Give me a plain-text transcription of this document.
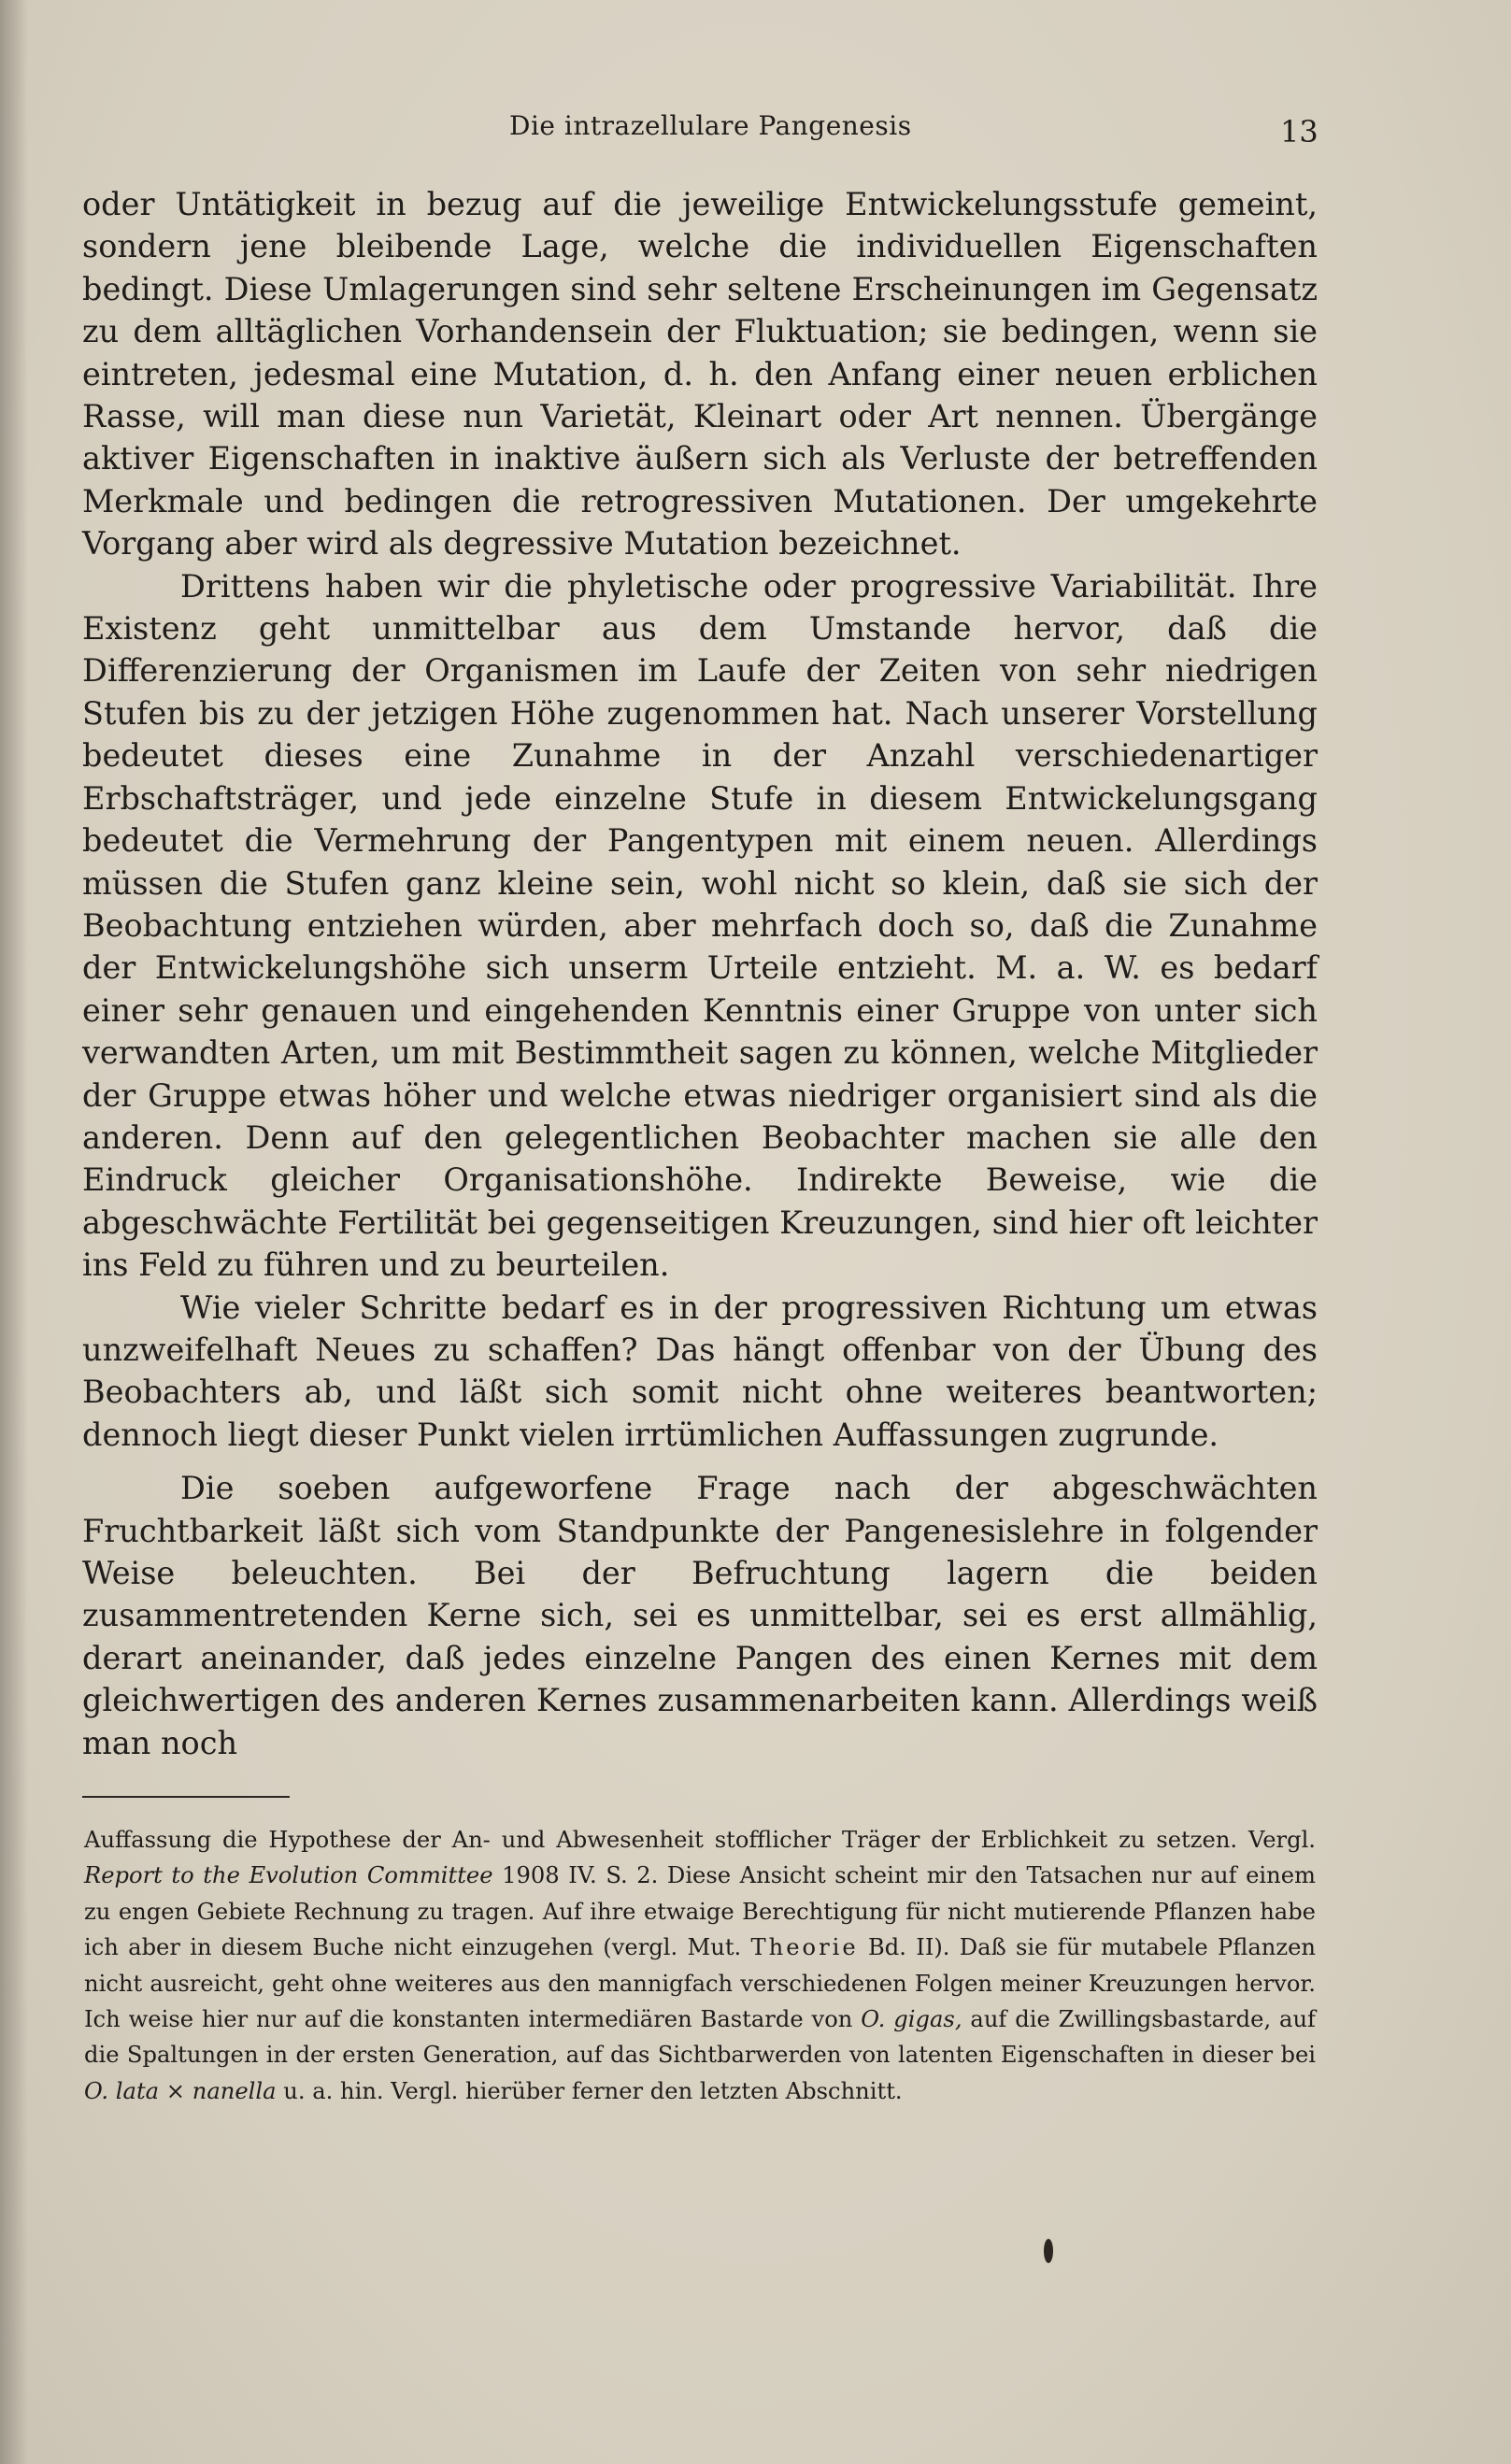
Die intrazellulare Pangenesis	13

oder Untätigkeit in bezug auf die jeweilige Entwickelungsstufe gemeint, sondern jene bleibende Lage, welche die individuellen Eigenschaften bedingt. Diese Umlagerungen sind sehr seltene Erscheinungen im Gegensatz zu dem alltäglichen Vorhandensein der Fluktuation; sie bedingen, wenn sie eintreten, jedesmal eine Mutation, d. h. den Anfang einer neuen erblichen Rasse, will man diese nun Varietät, Kleinart oder Art nennen. Übergänge aktiver Eigenschaften in inaktive äußern sich als Verluste der betreffenden Merkmale und bedingen die retrogressiven Mutationen. Der umgekehrte Vorgang aber wird als degressive Mutation bezeichnet.

Drittens haben wir die phyletische oder progressive Variabilität. Ihre Existenz geht unmittelbar aus dem Umstande hervor, daß die Differenzierung der Organismen im Laufe der Zeiten von sehr niedrigen Stufen bis zu der jetzigen Höhe zugenommen hat. Nach unserer Vorstellung bedeutet dieses eine Zunahme in der Anzahl verschiedenartiger Erbschaftsträger, und jede einzelne Stufe in diesem Entwickelungsgang bedeutet die Vermehrung der Pangentypen mit einem neuen. Allerdings müssen die Stufen ganz kleine sein, wohl nicht so klein, daß sie sich der Beobachtung entziehen würden, aber mehrfach doch so, daß die Zunahme der Entwickelungshöhe sich unserm Urteile entzieht. M. a. W. es bedarf einer sehr genauen und eingehenden Kenntnis einer Gruppe von unter sich verwandten Arten, um mit Bestimmtheit sagen zu können, welche Mitglieder der Gruppe etwas höher und welche etwas niedriger organisiert sind als die anderen. Denn auf den gelegentlichen Beobachter machen sie alle den Eindruck gleicher Organisationshöhe. Indirekte Beweise, wie die abgeschwächte Fertilität bei gegenseitigen Kreuzungen, sind hier oft leichter ins Feld zu führen und zu beurteilen.

Wie vieler Schritte bedarf es in der progressiven Richtung um etwas unzweifelhaft Neues zu schaffen? Das hängt offenbar von der Übung des Beobachters ab, und läßt sich somit nicht ohne weiteres beantworten; dennoch liegt dieser Punkt vielen irrtümlichen Auffassungen zugrunde.

Die soeben aufgeworfene Frage nach der abgeschwächten Fruchtbarkeit läßt sich vom Standpunkte der Pangenesislehre in folgender Weise beleuchten. Bei der Befruchtung lagern die beiden zusammentretenden Kerne sich, sei es unmittelbar, sei es erst allmählig, derart aneinander, daß jedes einzelne Pangen des einen Kernes mit dem gleichwertigen des anderen Kernes zusammenarbeiten kann. Allerdings weiß man noch

Auffassung die Hypothese der An- und Abwesenheit stofflicher Träger der Erblichkeit zu setzen. Vergl. Report to the Evolution Committee 1908 IV. S. 2. Diese Ansicht scheint mir den Tatsachen nur auf einem zu engen Gebiete Rechnung zu tragen. Auf ihre etwaige Berechtigung für nicht mutierende Pflanzen habe ich aber in diesem Buche nicht einzugehen (vergl. Mut. Theorie Bd. II). Daß sie für mutabele Pflanzen nicht ausreicht, geht ohne weiteres aus den mannigfach verschiedenen Folgen meiner Kreuzungen hervor. Ich weise hier nur auf die konstanten intermediären Bastarde von O. gigas, auf die Zwillingsbastarde, auf die Spaltungen in der ersten Generation, auf das Sichtbarwerden von latenten Eigenschaften in dieser bei O. lata × nanella u. a. hin. Vergl. hierüber ferner den letzten Abschnitt.
